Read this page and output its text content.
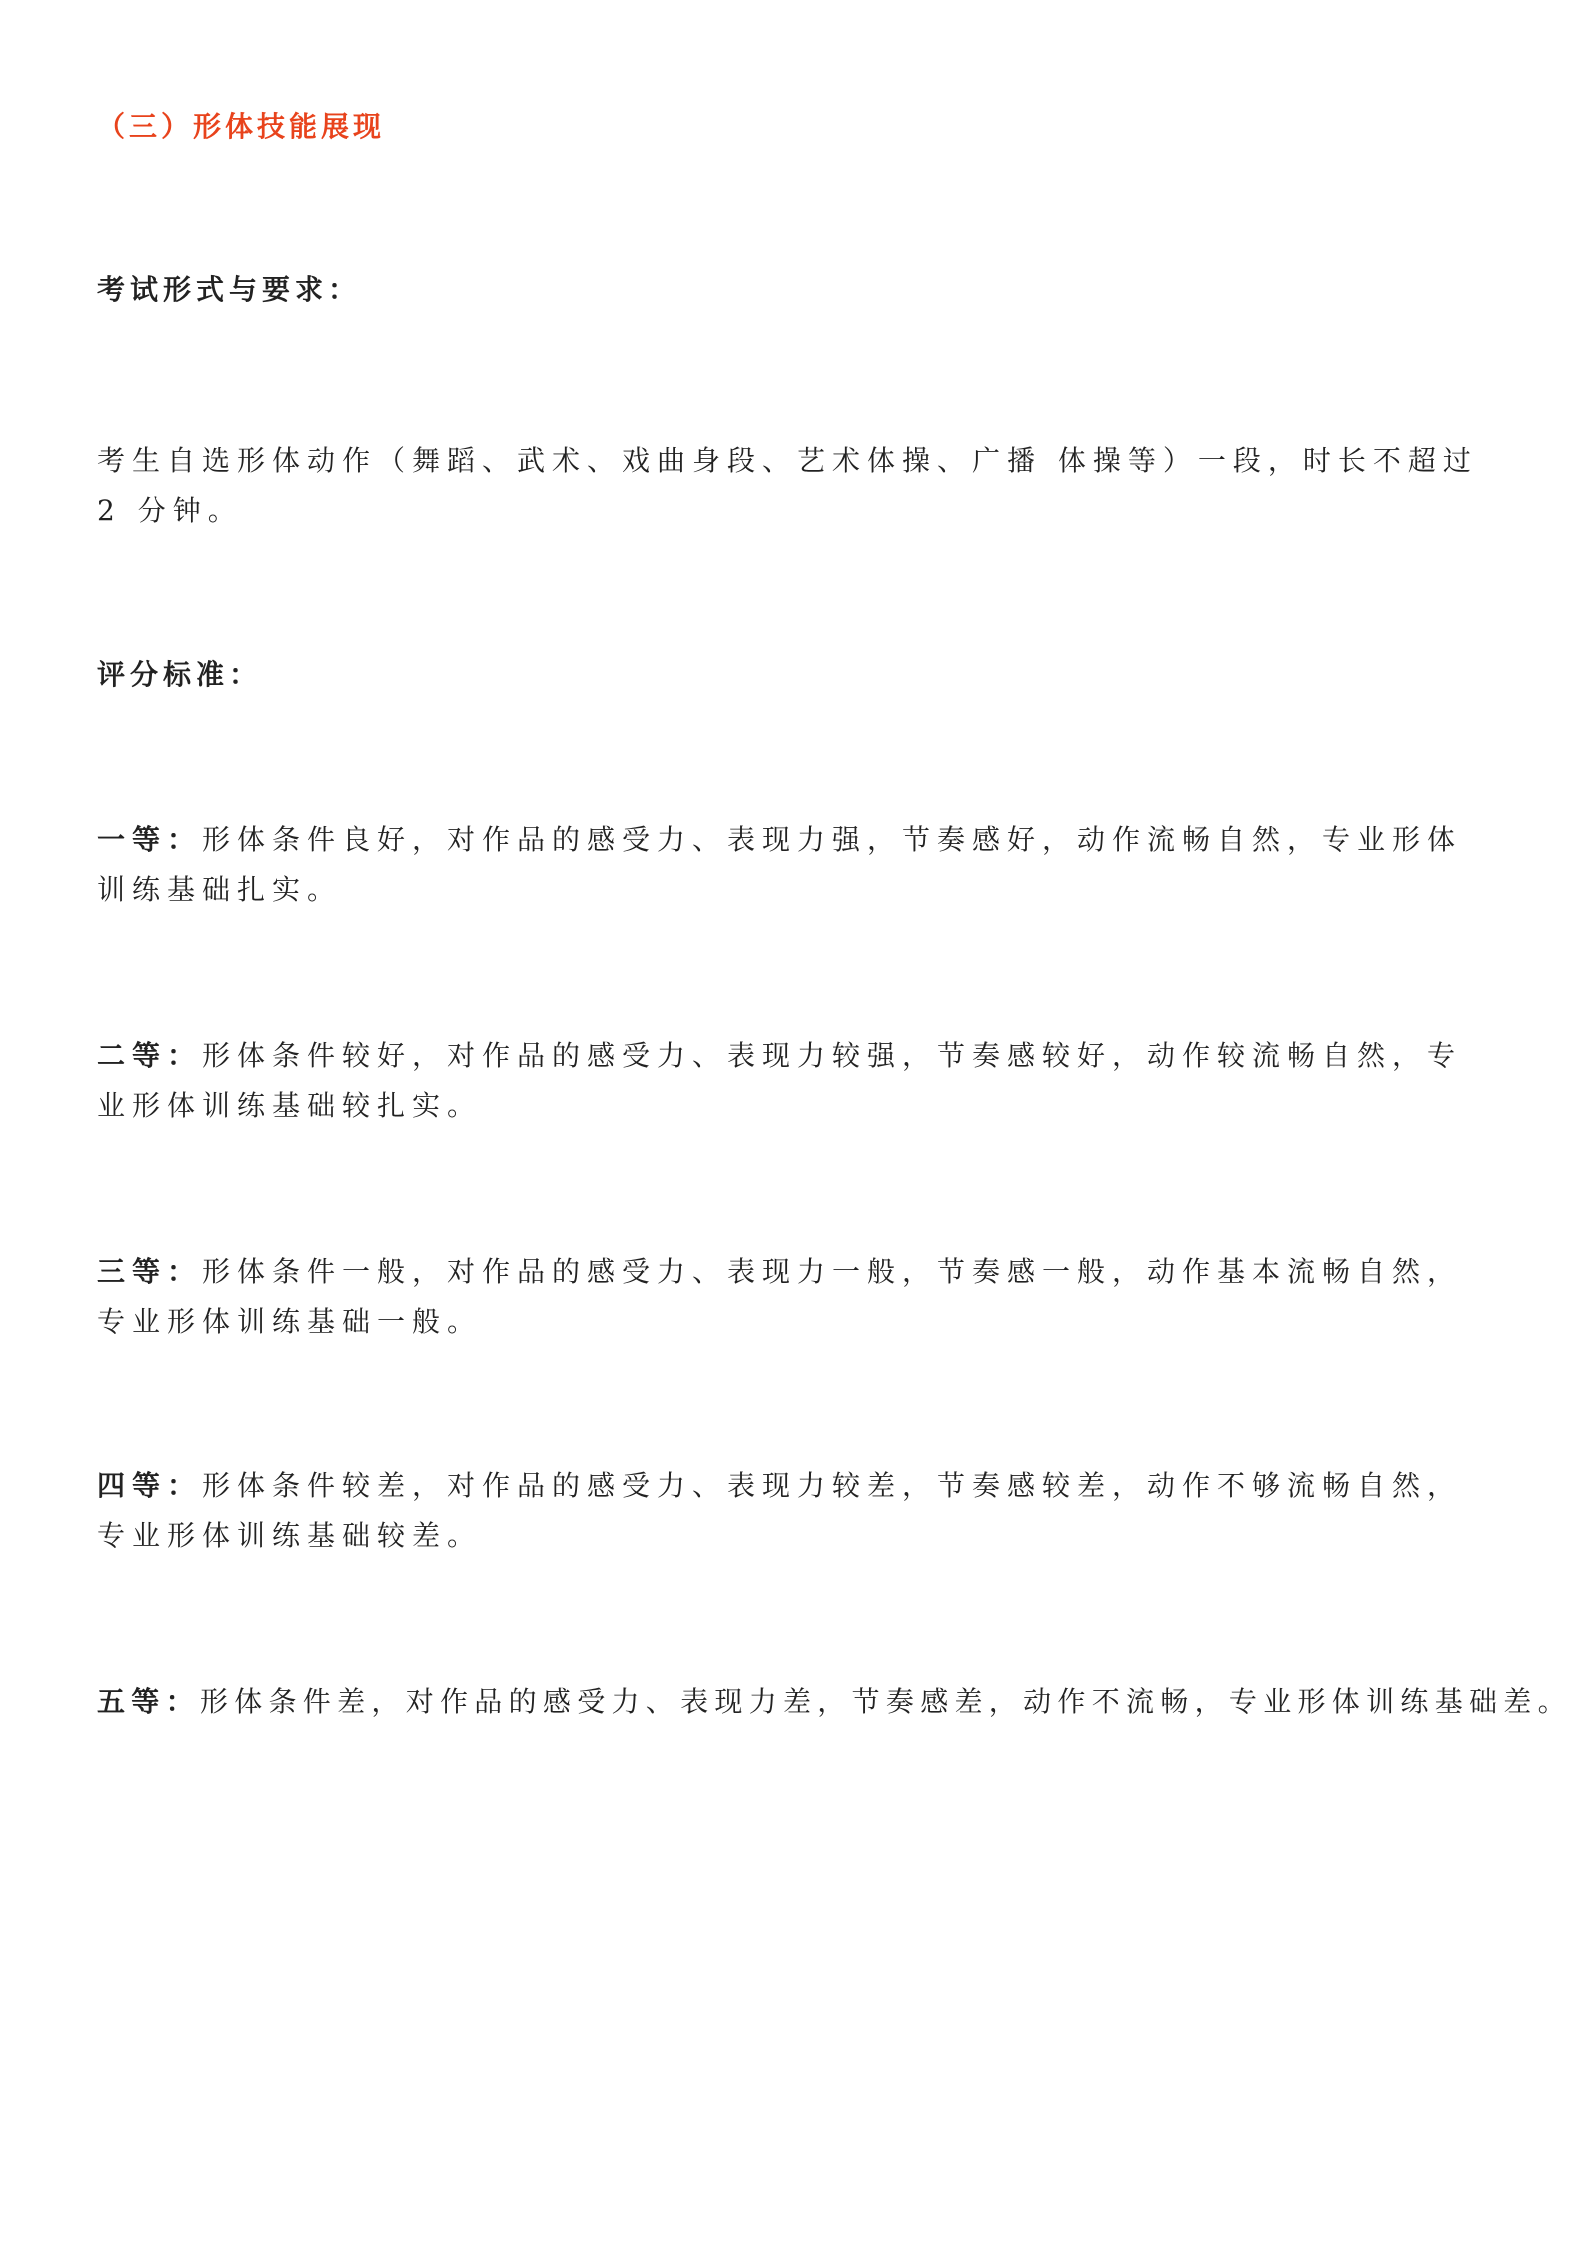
（三）形体技能展现
考试形式与要求：
考生自选形体动作（舞蹈、武术、戏曲身段、艺术体操、广播 体操等）一段，时长不超过 2 分钟。
评分标准：
一等：形体条件良好，对作品的感受力、表现力强，节奏感好，动作流畅自然，专业形体训练基础扎实。
二等：形体条件较好，对作品的感受力、表现力较强，节奏感较好，动作较流畅自然，专业形体训练基础较扎实。
三等：形体条件一般，对作品的感受力、表现力一般，节奏感一般，动作基本流畅自然，专业形体训练基础一般。
四等：形体条件较差，对作品的感受力、表现力较差，节奏感较差，动作不够流畅自然，专业形体训练基础较差。
五等：形体条件差，对作品的感受力、表现力差，节奏感差，动作不流畅，专业形体训练基础差。
